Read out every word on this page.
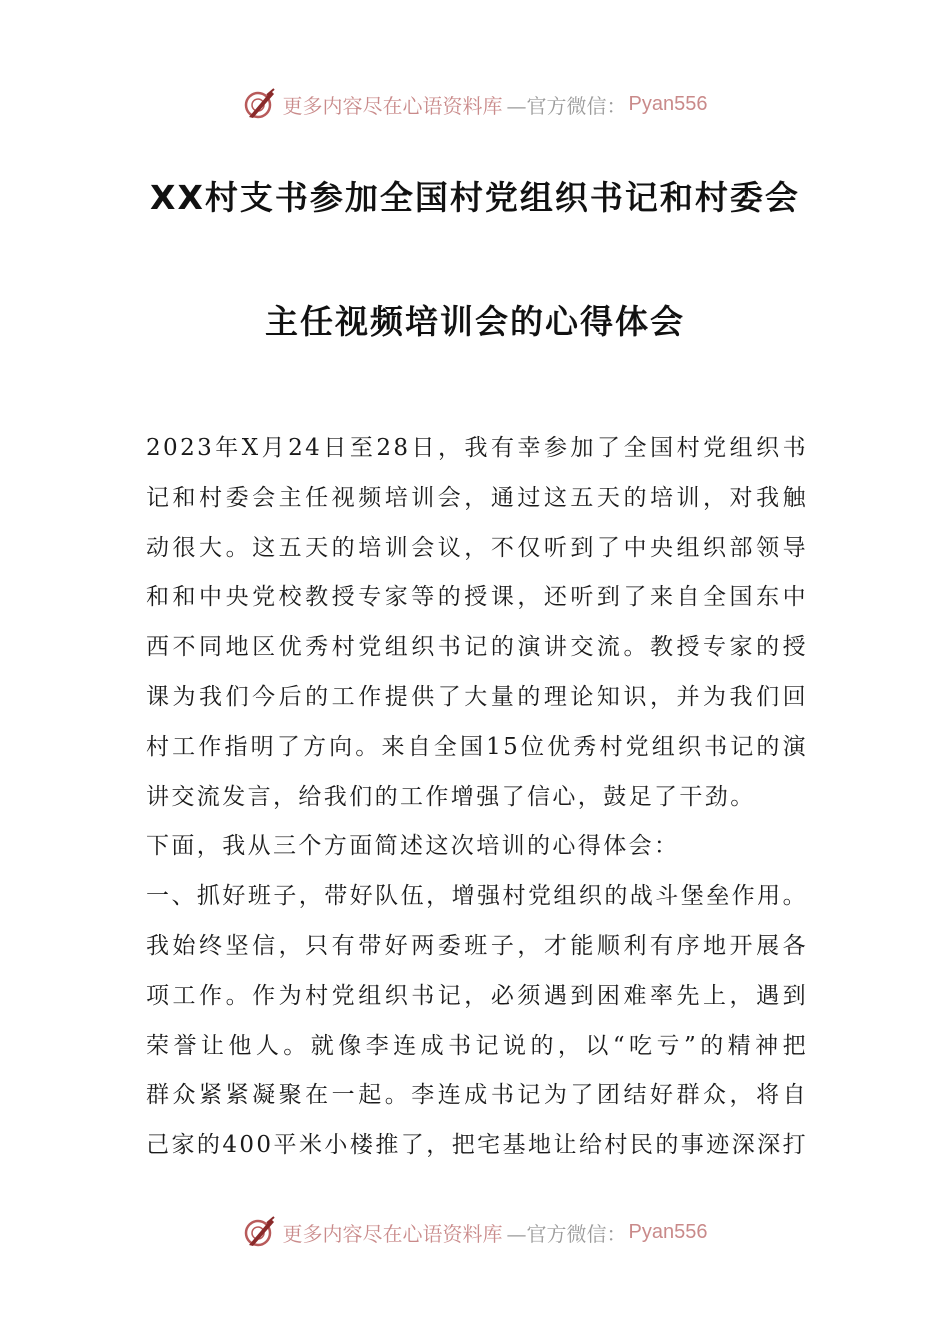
更多内容尽在心语资料库 —官方微信： Pyan556
XX村支书参加全国村党组织书记和村委会
主任视频培训会的心得体会
2023年X月24日至28日，我有幸参加了全国村党组织书
记和村委会主任视频培训会，通过这五天的培训，对我触
动很大。这五天的培训会议，不仅听到了中央组织部领导
和和中央党校教授专家等的授课，还听到了来自全国东中
西不同地区优秀村党组织书记的演讲交流。教授专家的授
课为我们今后的工作提供了大量的理论知识，并为我们回
村工作指明了方向。来自全国15位优秀村党组织书记的演
讲交流发言，给我们的工作增强了信心，鼓足了干劲。
下面，我从三个方面简述这次培训的心得体会：
一、抓好班子，带好队伍，增强村党组织的战斗堡垒作用。
我始终坚信，只有带好两委班子，才能顺利有序地开展各
项工作。作为村党组织书记，必须遇到困难率先上，遇到
荣誉让他人。就像李连成书记说的，以“吃亏”的精神把
群众紧紧凝聚在一起。李连成书记为了团结好群众，将自
己家的400平米小楼推了，把宅基地让给村民的事迹深深打
更多内容尽在心语资料库 —官方微信： Pyan556
